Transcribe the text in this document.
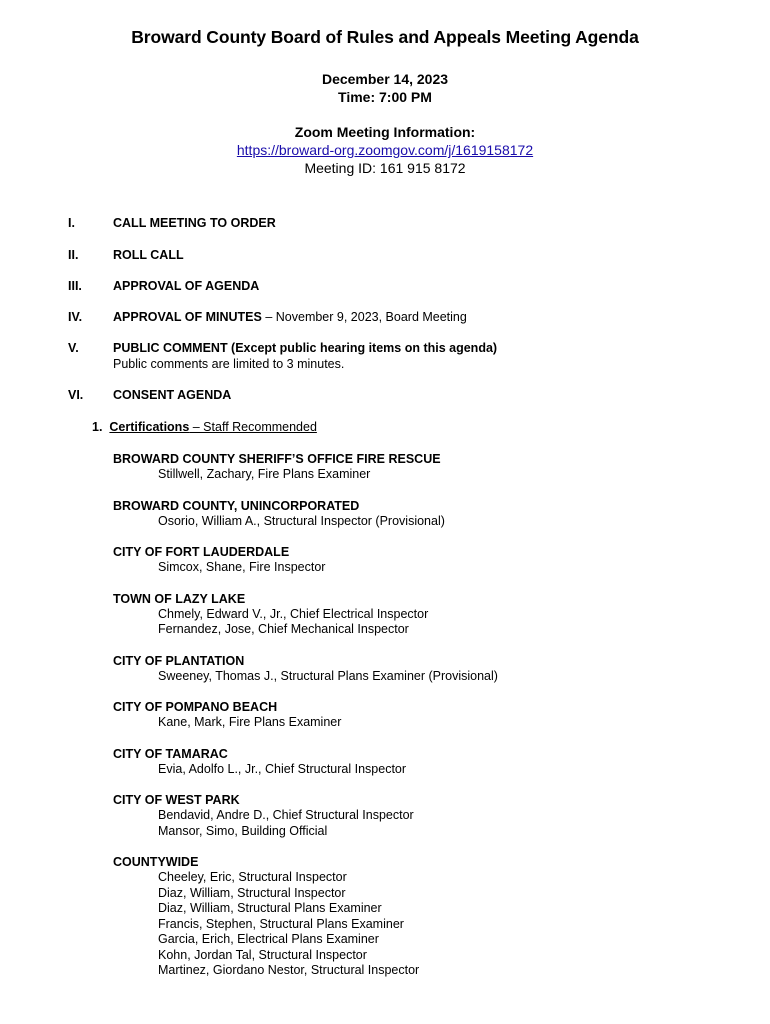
Broward County Board of Rules and Appeals Meeting Agenda
December 14, 2023
Time: 7:00 PM
Zoom Meeting Information:
https://broward-org.zoomgov.com/j/1619158172
Meeting ID: 161 915 8172
I.	CALL MEETING TO ORDER
II.	ROLL CALL
III.	APPROVAL OF AGENDA
IV.	APPROVAL OF MINUTES – November 9, 2023, Board Meeting
V.	PUBLIC COMMENT (Except public hearing items on this agenda)
Public comments are limited to 3 minutes.
VI.	CONSENT AGENDA
1. Certifications – Staff Recommended
BROWARD COUNTY SHERIFF’S OFFICE FIRE RESCUE
Stillwell, Zachary, Fire Plans Examiner
BROWARD COUNTY, UNINCORPORATED
Osorio, William A., Structural Inspector (Provisional)
CITY OF FORT LAUDERDALE
Simcox, Shane, Fire Inspector
TOWN OF LAZY LAKE
Chmely, Edward V., Jr., Chief Electrical Inspector
Fernandez, Jose, Chief Mechanical Inspector
CITY OF PLANTATION
Sweeney, Thomas J., Structural Plans Examiner (Provisional)
CITY OF POMPANO BEACH
Kane, Mark, Fire Plans Examiner
CITY OF TAMARAC
Evia, Adolfo L., Jr., Chief Structural Inspector
CITY OF WEST PARK
Bendavid, Andre D., Chief Structural Inspector
Mansor, Simo, Building Official
COUNTYWIDE
Cheeley, Eric, Structural Inspector
Diaz, William, Structural Inspector
Diaz, William, Structural Plans Examiner
Francis, Stephen, Structural Plans Examiner
Garcia, Erich, Electrical Plans Examiner
Kohn, Jordan Tal, Structural Inspector
Martinez, Giordano Nestor, Structural Inspector
